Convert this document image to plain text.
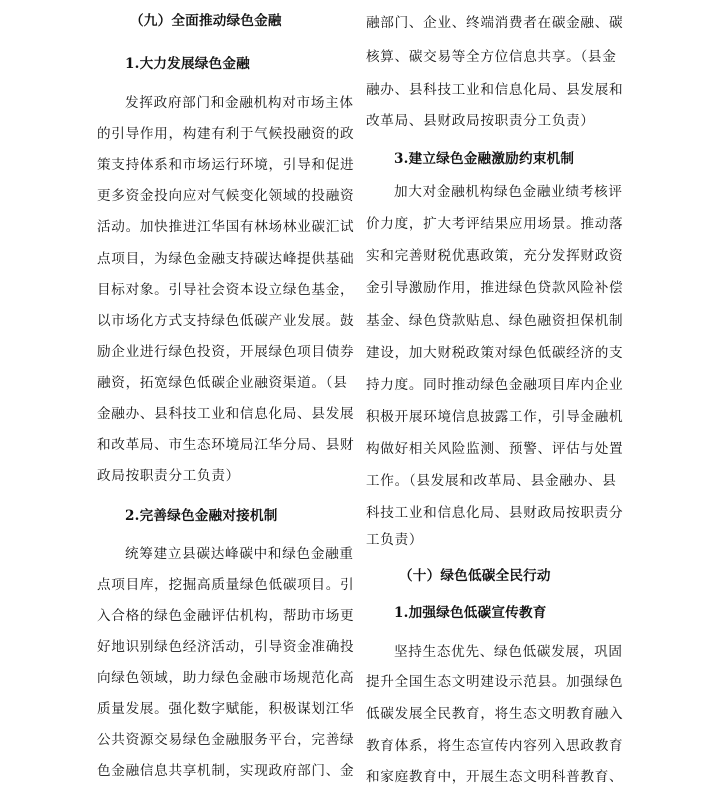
（九）全面推动绿色金融
1.大力发展绿色金融
发挥政府部门和金融机构对市场主体
的引导作用，构建有利于气候投融资的政
策支持体系和市场运行环境，引导和促进
更多资金投向应对气候变化领域的投融资
活动。加快推进江华国有林场林业碳汇试
点项目，为绿色金融支持碳达峰提供基础
目标对象。引导社会资本设立绿色基金，
以市场化方式支持绿色低碳产业发展。鼓
励企业进行绿色投资，开展绿色项目债券
融资，拓宽绿色低碳企业融资渠道。（县
金融办、县科技工业和信息化局、县发展
和改革局、市生态环境局江华分局、县财
政局按职责分工负责）
2.完善绿色金融对接机制
统筹建立县碳达峰碳中和绿色金融重
点项目库，挖掘高质量绿色低碳项目。引
入合格的绿色金融评估机构，帮助市场更
好地识别绿色经济活动，引导资金准确投
向绿色领域，助力绿色金融市场规范化高
质量发展。强化数字赋能，积极谋划江华
公共资源交易绿色金融服务平台，完善绿
色金融信息共享机制，实现政府部门、金
融部门、企业、终端消费者在碳金融、碳
核算、碳交易等全方位信息共享。（县金
融办、县科技工业和信息化局、县发展和
改革局、县财政局按职责分工负责）
3.建立绿色金融激励约束机制
加大对金融机构绿色金融业绩考核评
价力度，扩大考评结果应用场景。推动落
实和完善财税优惠政策，充分发挥财政资
金引导激励作用，推进绿色贷款风险补偿
基金、绿色贷款贴息、绿色融资担保机制
建设，加大财税政策对绿色低碳经济的支
持力度。同时推动绿色金融项目库内企业
积极开展环境信息披露工作，引导金融机
构做好相关风险监测、预警、评估与处置
工作。（县发展和改革局、县金融办、县
科技工业和信息化局、县财政局按职责分
工负责）
（十）绿色低碳全民行动
1.加强绿色低碳宣传教育
坚持生态优先、绿色低碳发展，巩固
提升全国生态文明建设示范县。加强绿色
低碳发展全民教育，将生态文明教育融入
教育体系，将生态宣传内容列入思政教育
和家庭教育中，开展生态文明科普教育、
